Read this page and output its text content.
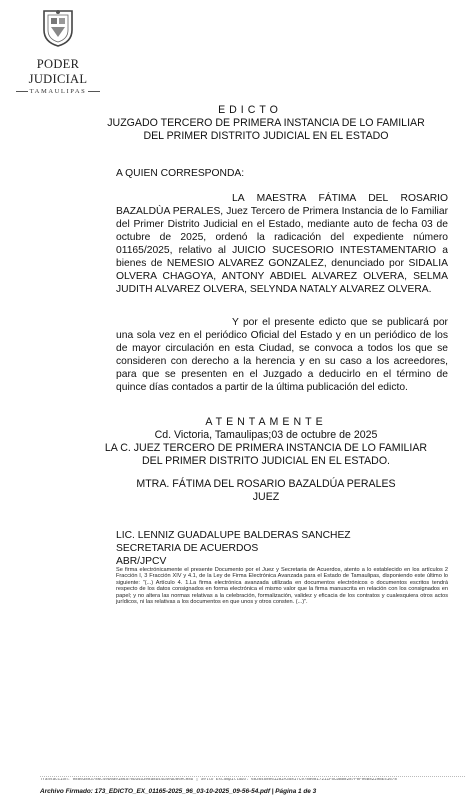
PODER JUDICIAL
TAMAULIPAS
EDICTO
JUZGADO TERCERO DE PRIMERA INSTANCIA DE LO FAMILIAR
DEL PRIMER DISTRITO JUDICIAL EN EL ESTADO
A QUIEN CORRESPONDA:
LA MAESTRA FÁTIMA DEL ROSARIO BAZALDÙA PERALES, Juez Tercero de Primera Instancia de lo Familiar del Primer Distrito Judicial en el Estado, mediante auto de fecha 03 de octubre de 2025, ordenó la radicación del expediente número 01165/2025, relativo al JUICIO SUCESORIO INTESTAMENTARIO a bienes de NEMESIO ALVAREZ GONZALEZ, denunciado por SIDALIA OLVERA CHAGOYA, ANTONY ABDIEL ALVAREZ OLVERA, SELMA JUDITH ALVAREZ OLVERA, SELYNDA NATALY ALVAREZ OLVERA.
Y por el presente edicto que se publicará por una sola vez en el periódico Oficial del Estado y en un periódico de los de mayor circulación en esta Ciudad, se convoca a todos los que se consideren con derecho a la herencia y en su caso a los acreedores, para que se presenten en el Juzgado a deducirlo en el término de quince días contados a partir de la última publicación del edicto.
ATENTAMENTE
Cd. Victoria, Tamaulipas;03 de octubre de 2025
LA C. JUEZ TERCERO DE PRIMERA INSTANCIA DE LO FAMILIAR
DEL PRIMER DISTRITO JUDICIAL EN EL ESTADO.
MTRA. FÁTIMA DEL ROSARIO BAZALDÚA PERALES
JUEZ
LIC. LENNIZ GUADALUPE BALDERAS SANCHEZ
SECRETARIA DE ACUERDOS
ABR/JPCV
Se firma electrónicamente el presente Documento por el Juez y Secretaria de Acuerdos, atento a lo establecido en los artículos 2 Fracción I, 3 Fracción XIV y 4.1, de la Ley de Firma Electrónica Avanzada para el Estado de Tamaulipas, disponiendo este último lo siguiente: “(...) Artículo 4. 1.La firma electrónica avanzada utilizada en documentos electrónicos o documentos escritos tendrá respecto de los datos consignados en forma electrónica el mismo valor que la firma manuscrita en relación con los consignados en papel; y no altera las normas relativas a la celebración, formalización, validez y eficacia de los contratos y cualesquiera otros actos jurídicos, ni las relativas a los documentos en que unos y otros consten. (...)”.
Transacción: 98803893786c4eb0ae186af0bd4b3e8a8b44d4edb86ec08b | Sello Estampillado: 6836458061282A35817C97880817211F5CDBB8287F0F96B8229BE41678
Archivo Firmado: 173_EDICTO_EX_01165-2025_96_03-10-2025_09-56-54.pdf | Página 1 de 3
